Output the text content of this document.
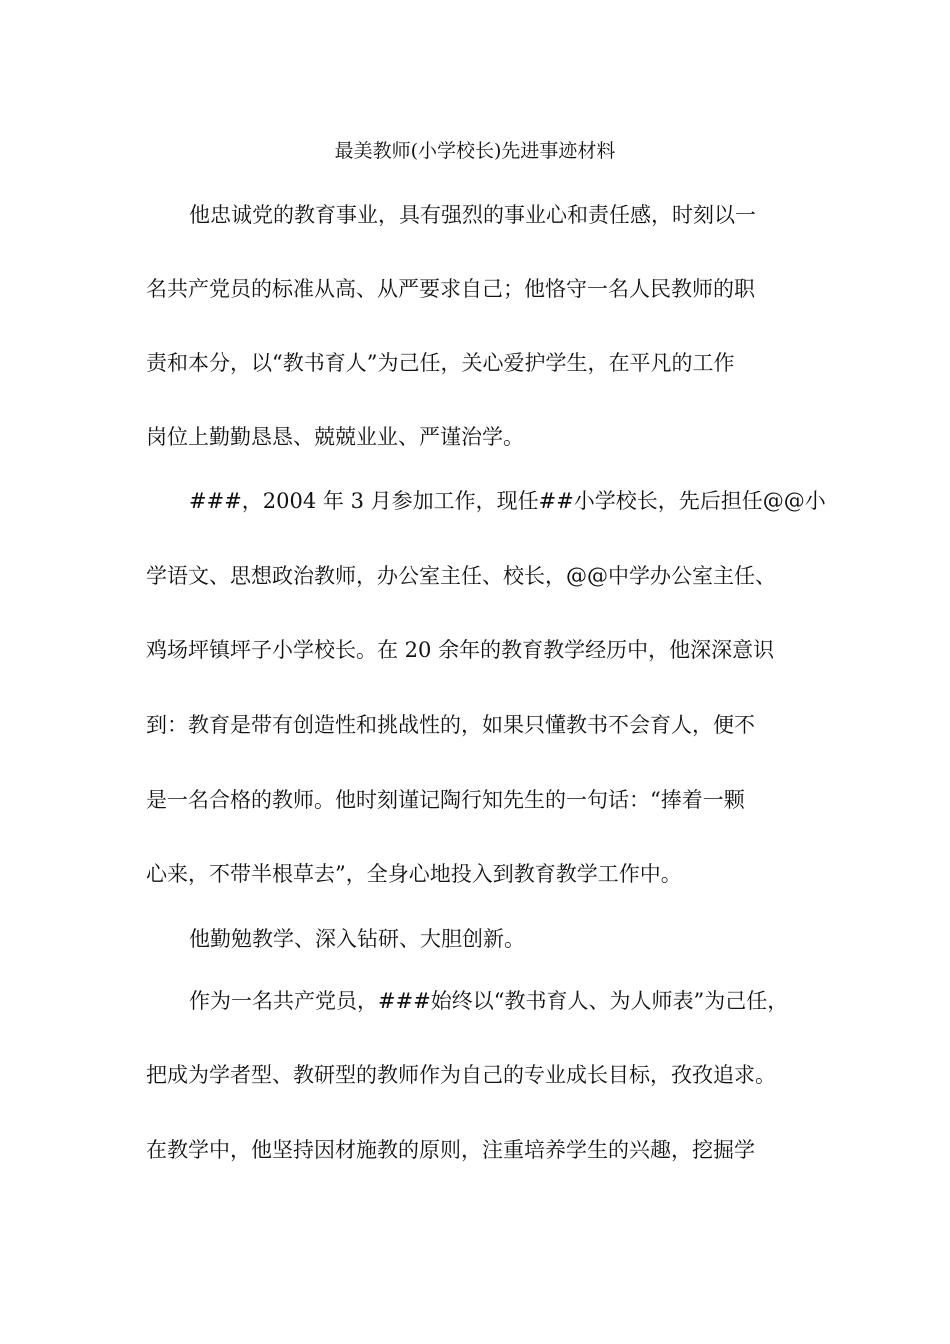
最美教师(小学校长)先进事迹材料
他忠诚党的教育事业，具有强烈的事业心和责任感，时刻以一
名共产党员的标准从高、从严要求自己；他恪守一名人民教师的职
责和本分，以“教书育人”为己任，关心爱护学生，在平凡的工作
岗位上勤勤恳恳、兢兢业业、严谨治学。
###，2004 年 3 月参加工作，现任##小学校长，先后担任@@小
学语文、思想政治教师，办公室主任、校长，@@中学办公室主任、
鸡场坪镇坪子小学校长。在 20 余年的教育教学经历中，他深深意识
到：教育是带有创造性和挑战性的，如果只懂教书不会育人，便不
是一名合格的教师。他时刻谨记陶行知先生的一句话：“捧着一颗
心来，不带半根草去”，全身心地投入到教育教学工作中。
他勤勉教学、深入钻研、大胆创新。
作为一名共产党员，###始终以“教书育人、为人师表”为己任，
把成为学者型、教研型的教师作为自己的专业成长目标，孜孜追求。
在教学中，他坚持因材施教的原则，注重培养学生的兴趣，挖掘学
